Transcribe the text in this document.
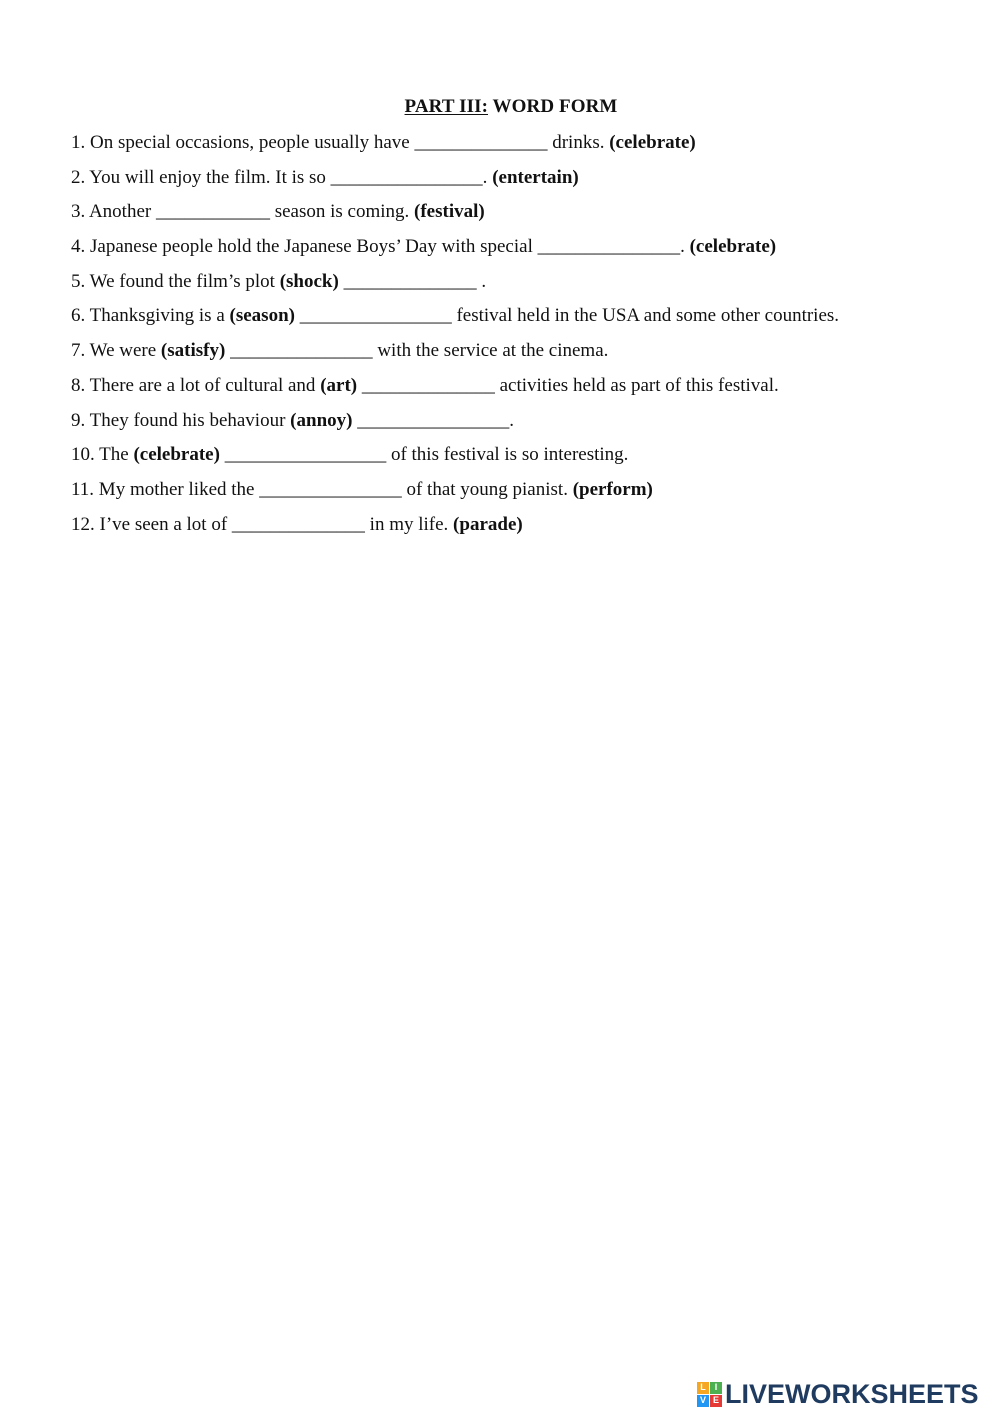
PART III: WORD FORM
1. On special occasions, people usually have ______________ drinks. (celebrate)
2. You will enjoy the film. It is so ________________. (entertain)
3. Another ____________ season is coming. (festival)
4. Japanese people hold the Japanese Boys’ Day with special _______________. (celebrate)
5. We found the film’s plot (shock) ______________ .
6. Thanksgiving is a (season) ________________ festival held in the USA and some other countries.
7. We were (satisfy) _______________ with the service at the cinema.
8. There are a lot of cultural and (art) ______________ activities held as part of this festival.
9. They found his behaviour (annoy) ________________.
10. The (celebrate) _________________ of this festival is so interesting.
11. My mother liked the _______________ of that young pianist. (perform)
12. I’ve seen a lot of ______________ in my life. (parade)
L I
V E LIVEWORKSHEETS
